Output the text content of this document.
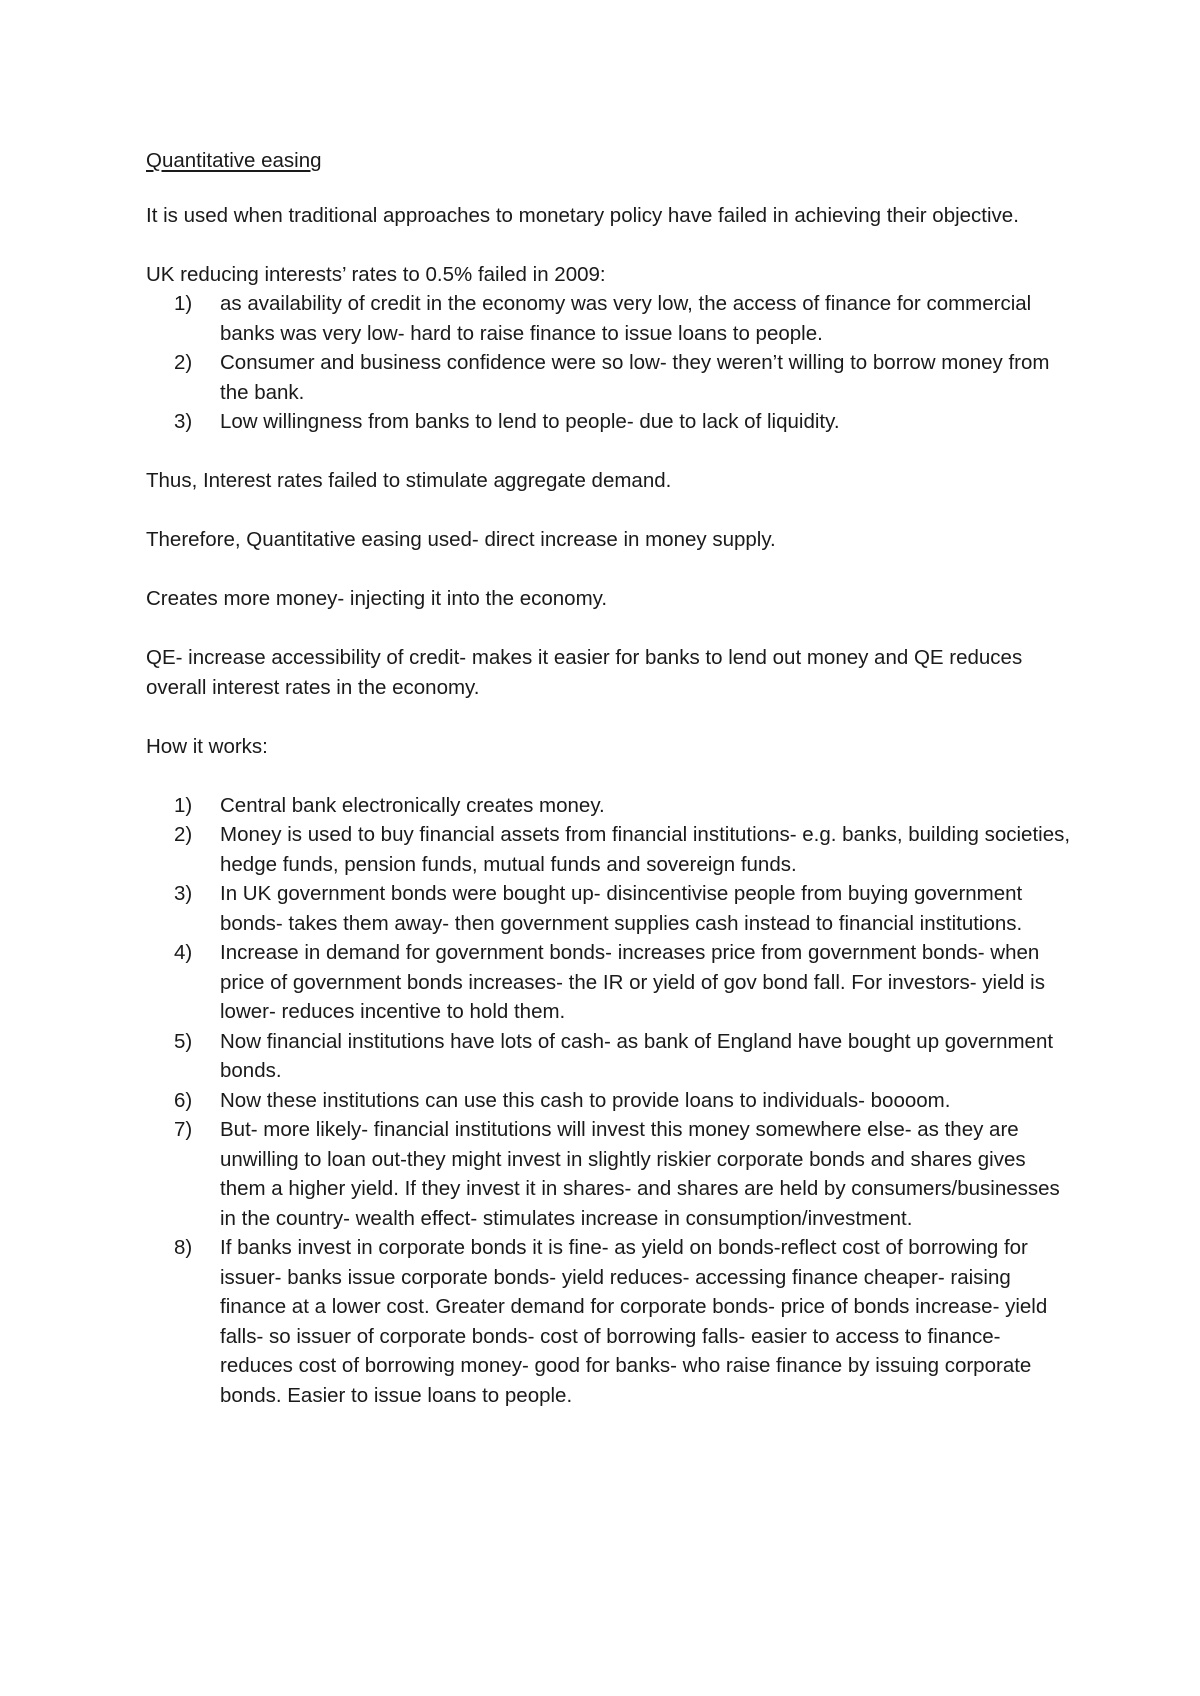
Quantitative easing

It is used when traditional approaches to monetary policy have failed in achieving their objective.

UK reducing interests’ rates to 0.5% failed in 2009:

1)	as availability of credit in the economy was very low, the access of finance for commercial banks was very low- hard to raise finance to issue loans to people.
2)	Consumer and business confidence were so low- they weren’t willing to borrow money from the bank.
3)	Low willingness from banks to lend to people- due to lack of liquidity.

Thus, Interest rates failed to stimulate aggregate demand.

Therefore, Quantitative easing used- direct increase in money supply.

Creates more money- injecting it into the economy.

QE- increase accessibility of credit- makes it easier for banks to lend out money and QE reduces overall interest rates in the economy.

How it works:

1)	Central bank electronically creates money.
2)	Money is used to buy financial assets from financial institutions- e.g. banks, building societies, hedge funds, pension funds, mutual funds and sovereign funds.
3)	In UK government bonds were bought up- disincentivise people from buying government bonds- takes them away- then government supplies cash instead to financial institutions.
4)	Increase in demand for government bonds- increases price from government bonds- when price of government bonds increases- the IR or yield of gov bond fall. For investors- yield is lower- reduces incentive to hold them.
5)	Now financial institutions have lots of cash- as bank of England have bought up government bonds.
6)	Now these institutions can use this cash to provide loans to individuals- boooom.
7)	But- more likely- financial institutions will invest this money somewhere else- as they are unwilling to loan out-they might invest in slightly riskier corporate bonds and shares gives them a higher yield. If they invest it in shares- and shares are held by consumers/businesses in the country- wealth effect- stimulates increase in consumption/investment.
8)	If banks invest in corporate bonds it is fine- as yield on bonds-reflect cost of borrowing for issuer- banks issue corporate bonds- yield reduces- accessing finance cheaper- raising finance at a lower cost. Greater demand for corporate bonds- price of bonds increase- yield falls- so issuer of corporate bonds- cost of borrowing falls- easier to access to finance- reduces cost of borrowing money- good for banks- who raise finance by issuing corporate bonds. Easier to issue loans to people.
